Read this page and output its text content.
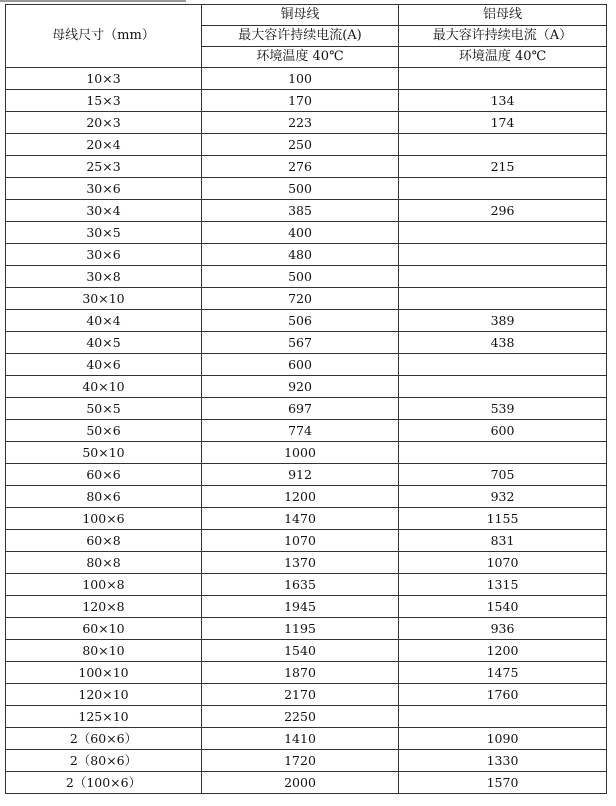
母线尺寸（mm）	铜母线	铝母线
	最大容许持续电流(A)	最大容许持续电流（A）
	环境温度 40℃	环境温度 40℃
10×3	100	
15×3	170	134
20×3	223	174
20×4	250	
25×3	276	215
30×6	500	
30×4	385	296
30×5	400	
30×6	480	
30×8	500	
30×10	720	
40×4	506	389
40×5	567	438
40×6	600	
40×10	920	
50×5	697	539
50×6	774	600
50×10	1000	
60×6	912	705
80×6	1200	932
100×6	1470	1155
60×8	1070	831
80×8	1370	1070
100×8	1635	1315
120×8	1945	1540
60×10	1195	936
80×10	1540	1200
100×10	1870	1475
120×10	2170	1760
125×10	2250	
2（60×6）	1410	1090
2（80×6）	1720	1330
2（100×6）	2000	1570
